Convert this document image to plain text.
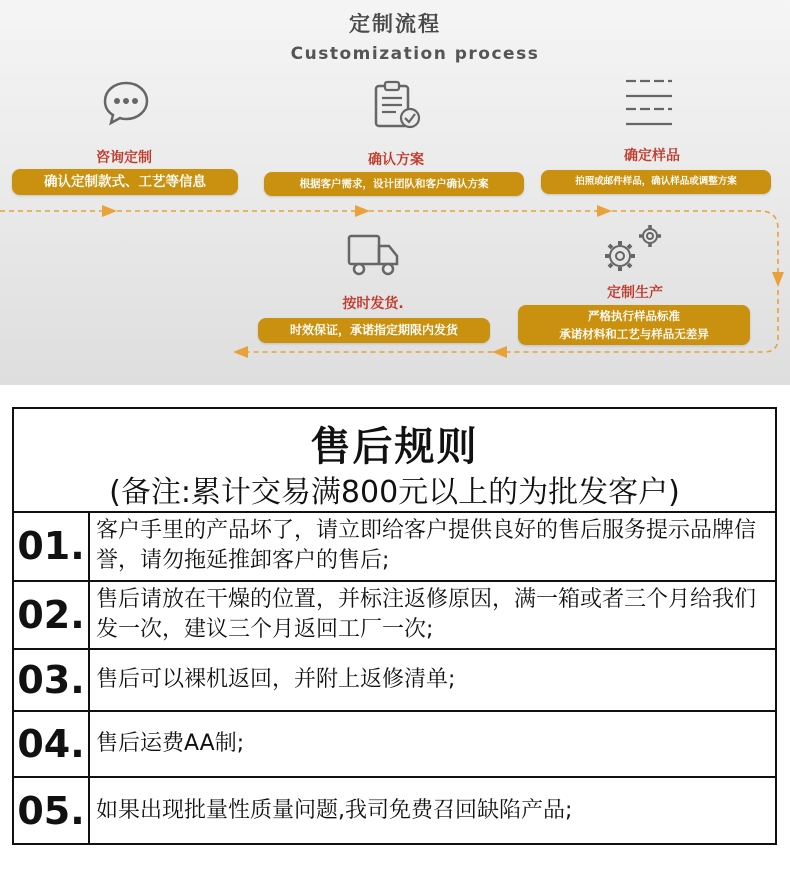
定制流程
Customization process
咨询定制
确认定制款式、工艺等信息
确认方案
根据客户需求，设计团队和客户确认方案
确定样品
拍照或邮件样品，确认样品或调整方案
定制生产
严格执行样品标准
承诺材料和工艺与样品无差异
按时发货.
时效保证，承诺指定期限内发货
售后规则
(备注:累计交易满800元以上的为批发客户)
01. 客户手里的产品坏了，请立即给客户提供良好的售后服务提示品牌信誉，请勿拖延推卸客户的售后;
02. 售后请放在干燥的位置，并标注返修原因，满一箱或者三个月给我们发一次，建议三个月返回工厂一次;
03. 售后可以裸机返回，并附上返修清单;
04. 售后运费AA制;
05. 如果出现批量性质量问题,我司免费召回缺陷产品;
